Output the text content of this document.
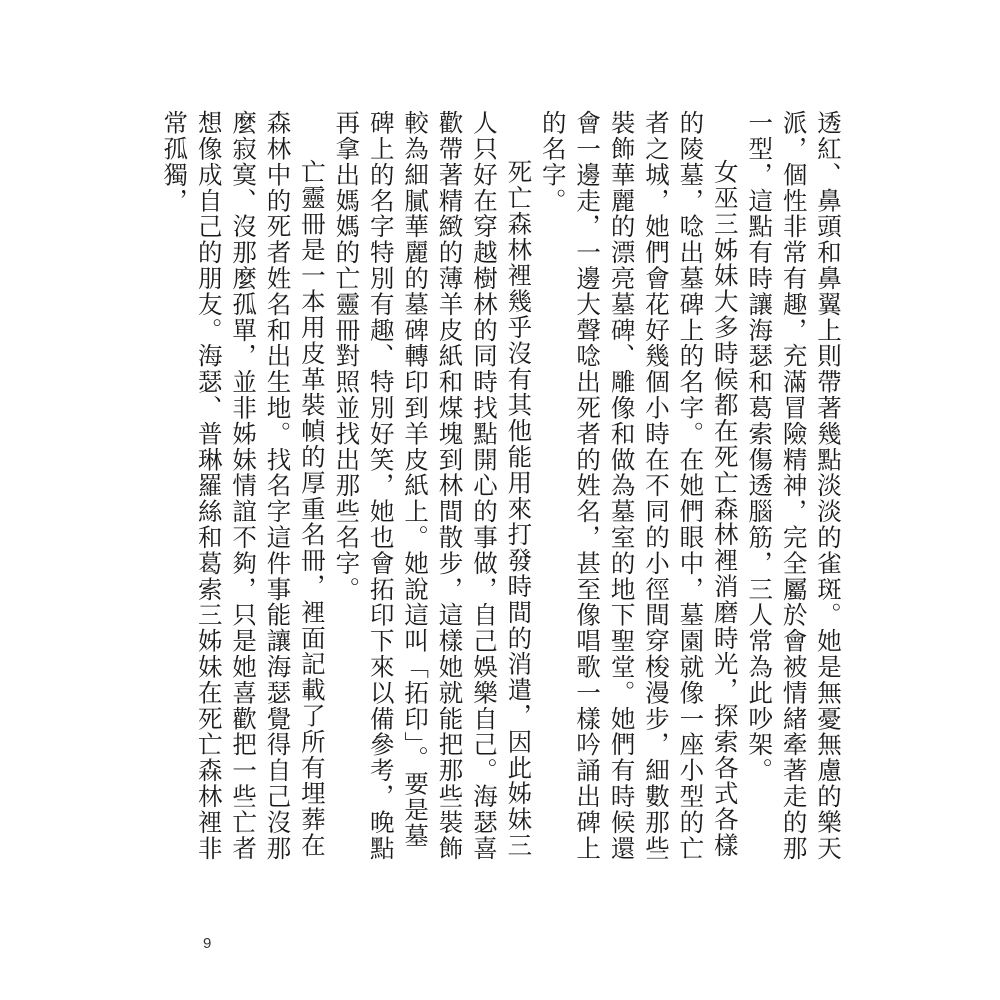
透紅、鼻頭和鼻翼上則帶著幾點淡淡的雀斑。她是無憂無慮的樂天派，個性非常有趣，充滿冒險精神，完全屬於會被情緒牽著走的那一型，這點有時讓海瑟和葛索傷透腦筋，三人常為此吵架。

女巫三姊妹大多時候都在死亡森林裡消磨時光，探索各式各樣的陵墓，唸出墓碑上的名字。在她們眼中，墓園就像一座小型的亡者之城，她們會花好幾個小時在不同的小徑間穿梭漫步，細數那些裝飾華麗的漂亮墓碑、雕像和做為墓室的地下聖堂。她們有時候還會一邊走，一邊大聲唸出死者的姓名，甚至像唱歌一樣吟誦出碑上的名字。

死亡森林裡幾乎沒有其他能用來打發時間的消遣，因此姊妹三人只好在穿越樹林的同時找點開心的事做，自己娛樂自己。海瑟喜歡帶著精緻的薄羊皮紙和煤塊到林間散步，這樣她就能把那些裝飾較為細膩華麗的墓碑轉印到羊皮紙上。她說這叫「拓印」。要是墓碑上的名字特別有趣、特別好笑，她也會拓印下來以備參考，晚點再拿出媽媽的亡靈冊對照並找出那些名字。

亡靈冊是一本用皮革裝幀的厚重名冊，裡面記載了所有埋葬在森林中的死者姓名和出生地。找名字這件事能讓海瑟覺得自己沒那麼寂寞、沒那麼孤單，並非姊妹情誼不夠，只是她喜歡把一些亡者想像成自己的朋友。海瑟、普琳羅絲和葛索三姊妹在死亡森林裡非常孤獨，

9
